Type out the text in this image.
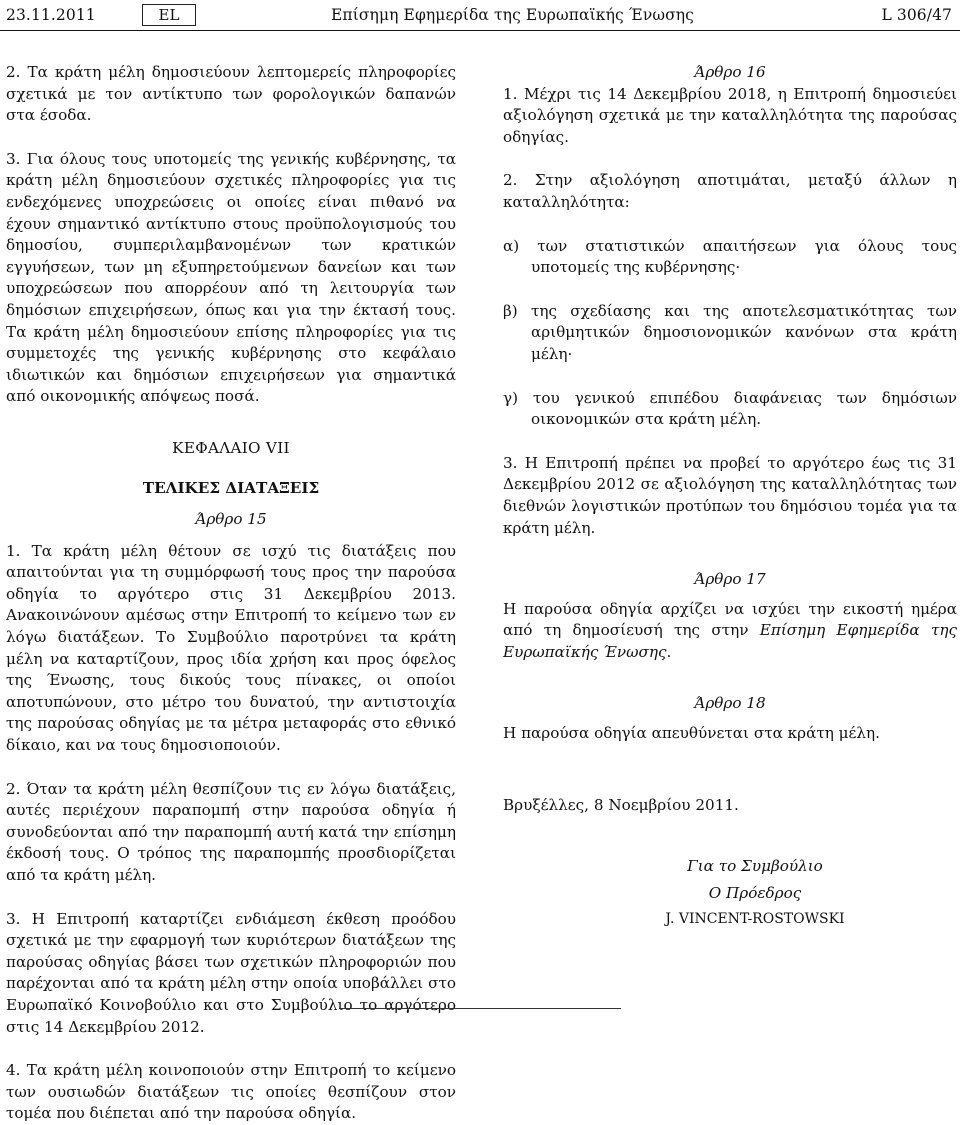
23.11.2011	EL	Επίσημη Εφημερίδα της Ευρωπαϊκής Ένωσης	L 306/47

2. Τα κράτη μέλη δημοσιεύουν λεπτομερείς πληροφορίες σχετικά με τον αντίκτυπο των φορολογικών δαπανών στα έσοδα.

3. Για όλους τους υποτομείς της γενικής κυβέρνησης, τα κράτη μέλη δημοσιεύουν σχετικές πληροφορίες για τις ενδεχόμενες υποχρεώσεις οι οποίες είναι πιθανό να έχουν σημαντικό αντίκτυπο στους προϋπολογισμούς του δημοσίου, συμπεριλαμβανομένων των κρατικών εγγυήσεων, των μη εξυπηρετούμενων δανείων και των υποχρεώσεων που απορρέουν από τη λειτουργία των δημόσιων επιχειρήσεων, όπως και για την έκτασή τους. Τα κράτη μέλη δημοσιεύουν επίσης πληροφορίες για τις συμμετοχές της γενικής κυβέρνησης στο κεφάλαιο ιδιωτικών και δημόσιων επιχειρήσεων για σημαντικά από οικονομικής απόψεως ποσά.

ΚΕΦΑΛΑΙΟ VII

ΤΕΛΙΚΕΣ ΔΙΑΤΑΞΕΙΣ

Άρθρο 15

1. Τα κράτη μέλη θέτουν σε ισχύ τις διατάξεις που απαιτούνται για τη συμμόρφωσή τους προς την παρούσα οδηγία το αργότερο στις 31 Δεκεμβρίου 2013. Ανακοινώνουν αμέσως στην Επιτροπή το κείμενο των εν λόγω διατάξεων. Το Συμβούλιο παροτρύνει τα κράτη μέλη να καταρτίζουν, προς ιδία χρήση και προς όφελος της Ένωσης, τους δικούς τους πίνακες, οι οποίοι αποτυπώνουν, στο μέτρο του δυνατού, την αντιστοιχία της παρούσας οδηγίας με τα μέτρα μεταφοράς στο εθνικό δίκαιο, και να τους δημοσιοποιούν.

2. Όταν τα κράτη μέλη θεσπίζουν τις εν λόγω διατάξεις, αυτές περιέχουν παραπομπή στην παρούσα οδηγία ή συνοδεύονται από την παραπομπή αυτή κατά την επίσημη έκδοσή τους. Ο τρόπος της παραπομπής προσδιορίζεται από τα κράτη μέλη.

3. Η Επιτροπή καταρτίζει ενδιάμεση έκθεση προόδου σχετικά με την εφαρμογή των κυριότερων διατάξεων της παρούσας οδηγίας βάσει των σχετικών πληροφοριών που παρέχονται από τα κράτη μέλη στην οποία υποβάλλει στο Ευρωπαϊκό Κοινοβούλιο και στο Συμβούλιο το αργότερο στις 14 Δεκεμβρίου 2012.

4. Τα κράτη μέλη κοινοποιούν στην Επιτροπή το κείμενο των ουσιωδών διατάξεων τις οποίες θεσπίζουν στον τομέα που διέπεται από την παρούσα οδηγία.

Άρθρο 16

1. Μέχρι τις 14 Δεκεμβρίου 2018, η Επιτροπή δημοσιεύει αξιολόγηση σχετικά με την καταλληλότητα της παρούσας οδηγίας.

2. Στην αξιολόγηση αποτιμάται, μεταξύ άλλων η καταλληλότητα:

α) των στατιστικών απαιτήσεων για όλους τους υποτομείς της κυβέρνησης·

β) της σχεδίασης και της αποτελεσματικότητας των αριθμητικών δημοσιονομικών κανόνων στα κράτη μέλη·

γ) του γενικού επιπέδου διαφάνειας των δημόσιων οικονομικών στα κράτη μέλη.

3. Η Επιτροπή πρέπει να προβεί το αργότερο έως τις 31 Δεκεμβρίου 2012 σε αξιολόγηση της καταλληλότητας των διεθνών λογιστικών προτύπων του δημόσιου τομέα για τα κράτη μέλη.

Άρθρο 17

Η παρούσα οδηγία αρχίζει να ισχύει την εικοστή ημέρα από τη δημοσίευσή της στην Επίσημη Εφημερίδα της Ευρωπαϊκής Ένωσης.

Άρθρο 18

Η παρούσα οδηγία απευθύνεται στα κράτη μέλη.

Βρυξέλλες, 8 Νοεμβρίου 2011.

Για το Συμβούλιο

Ο Πρόεδρος

J. VINCENT-ROSTOWSKI
